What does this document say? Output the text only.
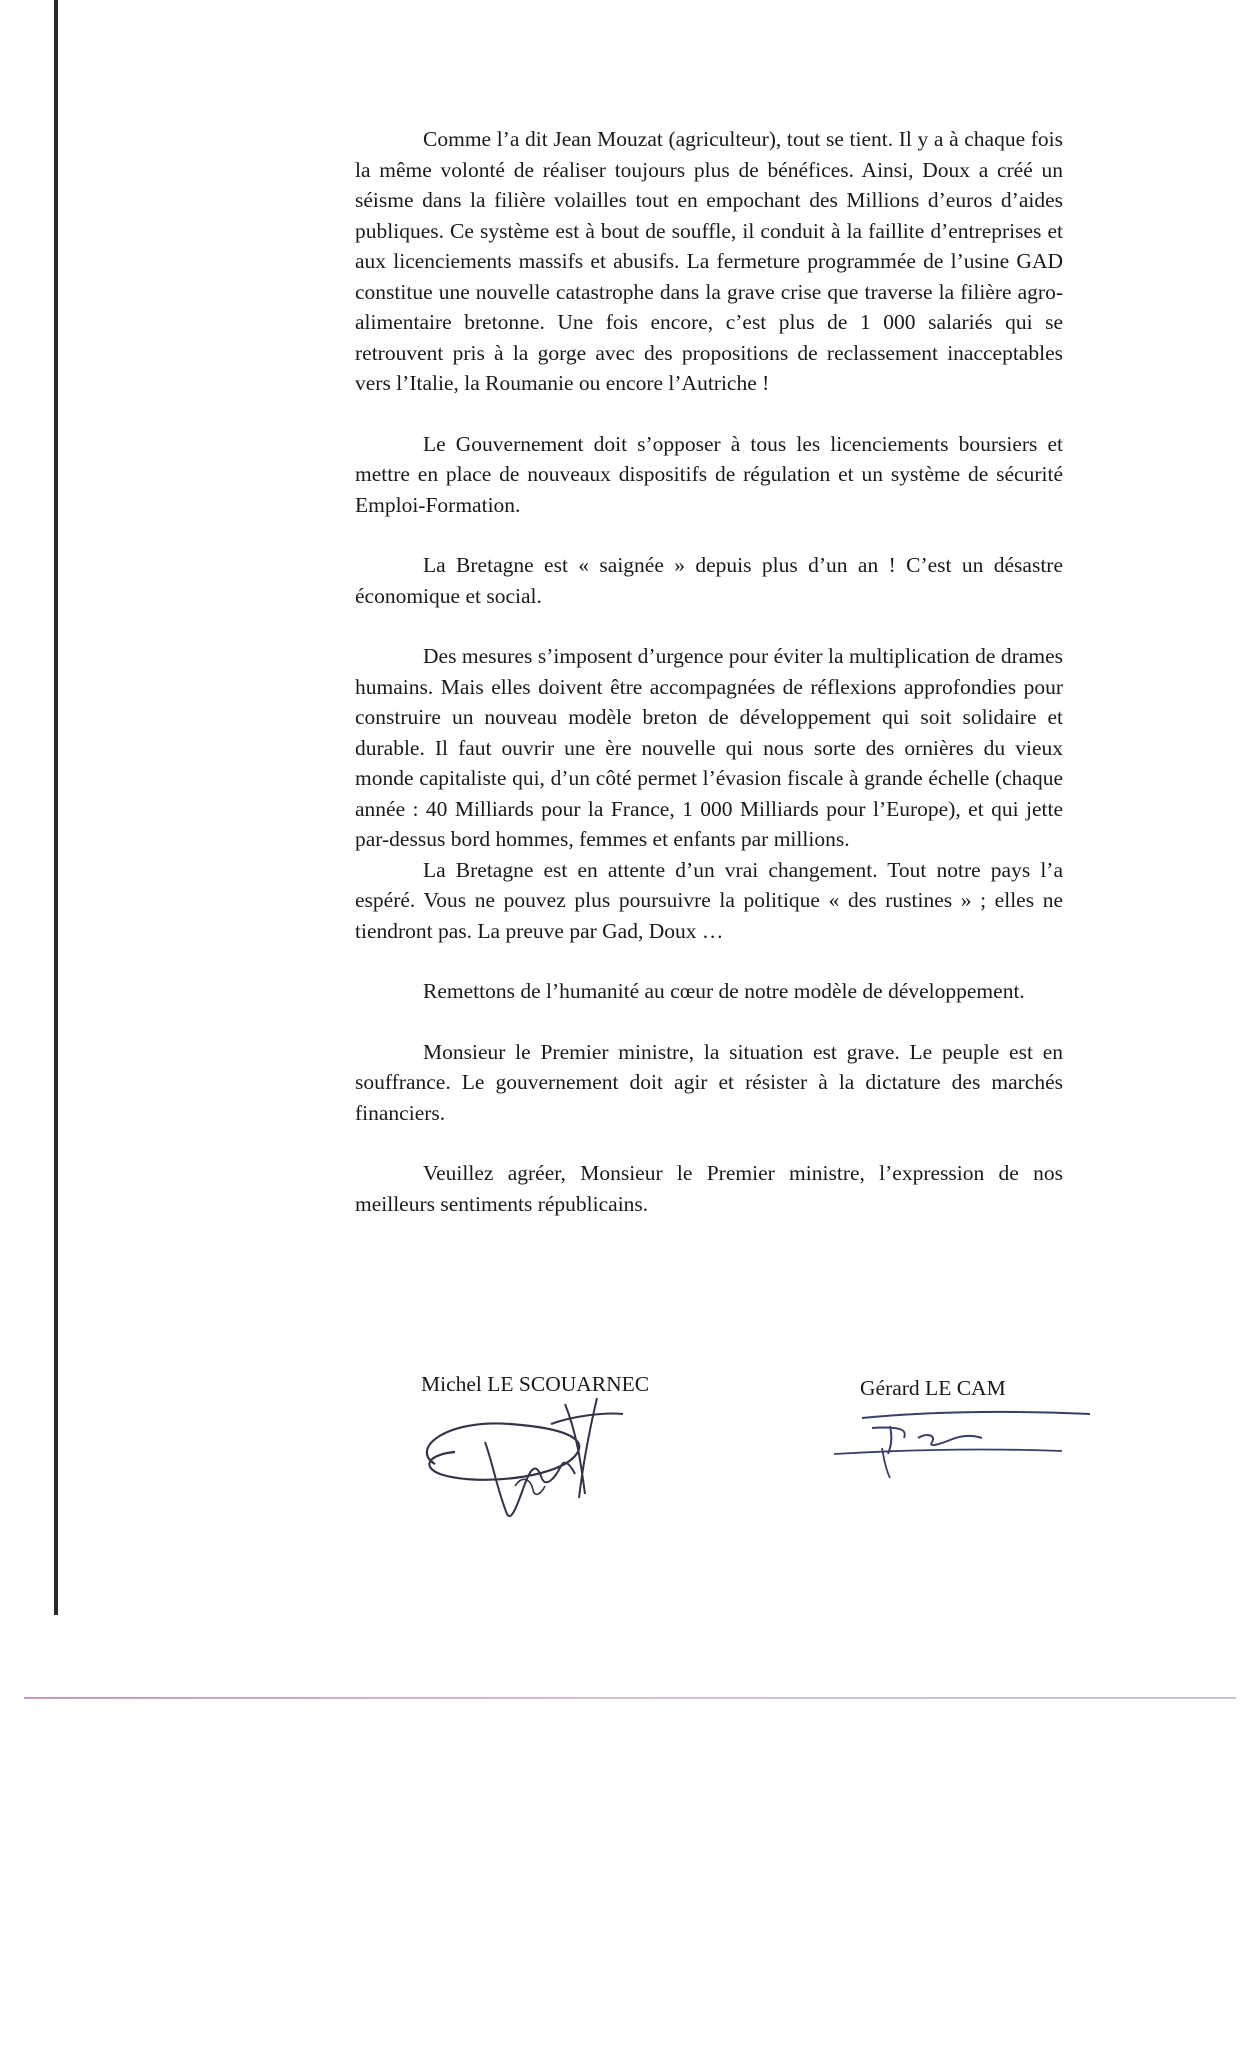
Comme l’a dit Jean Mouzat (agriculteur), tout se tient. Il y a à chaque fois la même volonté de réaliser toujours plus de bénéfices. Ainsi, Doux a créé un séisme dans la filière volailles tout en empochant des Millions d’euros d’aides publiques. Ce système est à bout de souffle, il conduit à la faillite d’entreprises et aux licenciements massifs et abusifs. La fermeture programmée de l’usine GAD constitue une nouvelle catastrophe dans la grave crise que traverse la filière agro-alimentaire bretonne. Une fois encore, c’est plus de 1 000 salariés qui se retrouvent pris à la gorge avec des propositions de reclassement inacceptables vers l’Italie, la Roumanie ou encore l’Autriche !

Le Gouvernement doit s’opposer à tous les licenciements boursiers et mettre en place de nouveaux dispositifs de régulation et un système de sécurité Emploi-Formation.

La Bretagne est « saignée » depuis plus d’un an ! C’est un désastre économique et social.

Des mesures s’imposent d’urgence pour éviter la multiplication de drames humains. Mais elles doivent être accompagnées de réflexions approfondies pour construire un nouveau modèle breton de développement qui soit solidaire et durable. Il faut ouvrir une ère nouvelle qui nous sorte des ornières du vieux monde capitaliste qui, d’un côté permet l’évasion fiscale à grande échelle (chaque année : 40 Milliards pour la France, 1 000 Milliards pour l’Europe), et qui jette par-dessus bord hommes, femmes et enfants par millions.

La Bretagne est en attente d’un vrai changement. Tout notre pays l’a espéré. Vous ne pouvez plus poursuivre la politique « des rustines » ; elles ne tiendront pas. La preuve par Gad, Doux …

Remettons de l’humanité au cœur de notre modèle de développement.

Monsieur le Premier ministre, la situation est grave. Le peuple est en souffrance. Le gouvernement doit agir et résister à la dictature des marchés financiers.

Veuillez agréer, Monsieur le Premier ministre, l’expression de nos meilleurs sentiments républicains.

Michel LE SCOUARNEC	Gérard LE CAM
